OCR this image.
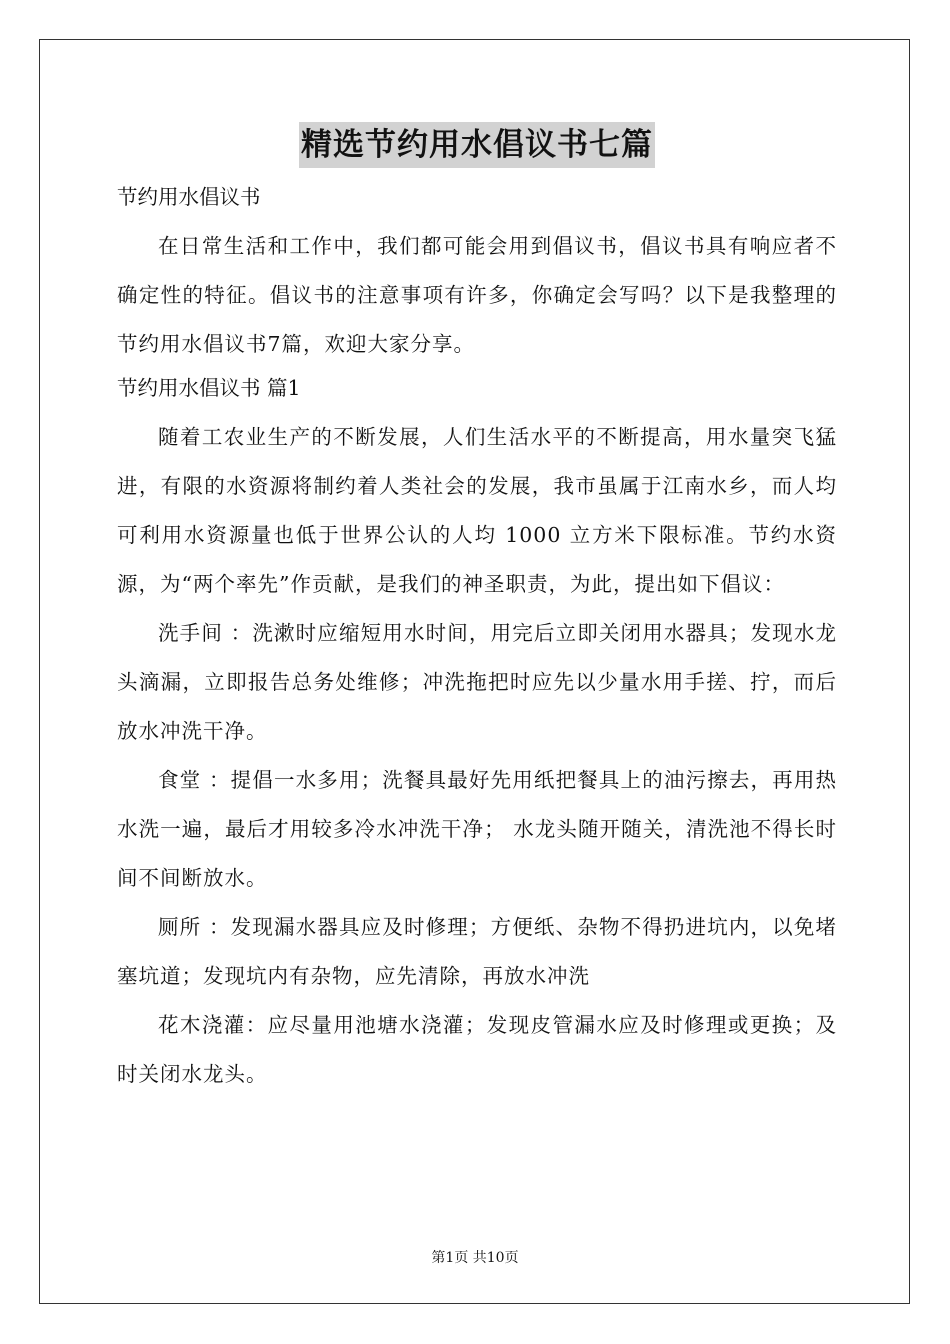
精选节约用水倡议书七篇
节约用水倡议书

在日常生活和工作中，我们都可能会用到倡议书，倡议书具有响应者不确定性的特征。倡议书的注意事项有许多，你确定会写吗？以下是我整理的节约用水倡议书7篇，欢迎大家分享。

节约用水倡议书 篇1

随着工农业生产的不断发展，人们生活水平的不断提高，用水量突飞猛进，有限的水资源将制约着人类社会的发展，我市虽属于江南水乡，而人均可利用水资源量也低于世界公认的人均 1000 立方米下限标准。节约水资源，为“两个率先”作贡献，是我们的神圣职责，为此，提出如下倡议：

洗手间 ：洗漱时应缩短用水时间，用完后立即关闭用水器具；发现水龙头滴漏，立即报告总务处维修；冲洗拖把时应先以少量水用手搓、拧，而后放水冲洗干净。

食堂 ：提倡一水多用；洗餐具最好先用纸把餐具上的油污擦去，再用热水洗一遍，最后才用较多冷水冲洗干净； 水龙头随开随关，清洗池不得长时间不间断放水。

厕所 ：发现漏水器具应及时修理；方便纸、杂物不得扔进坑内，以免堵塞坑道；发现坑内有杂物，应先清除，再放水冲洗

花木浇灌：应尽量用池塘水浇灌；发现皮管漏水应及时修理或更换；及时关闭水龙头。

第1页 共10页
